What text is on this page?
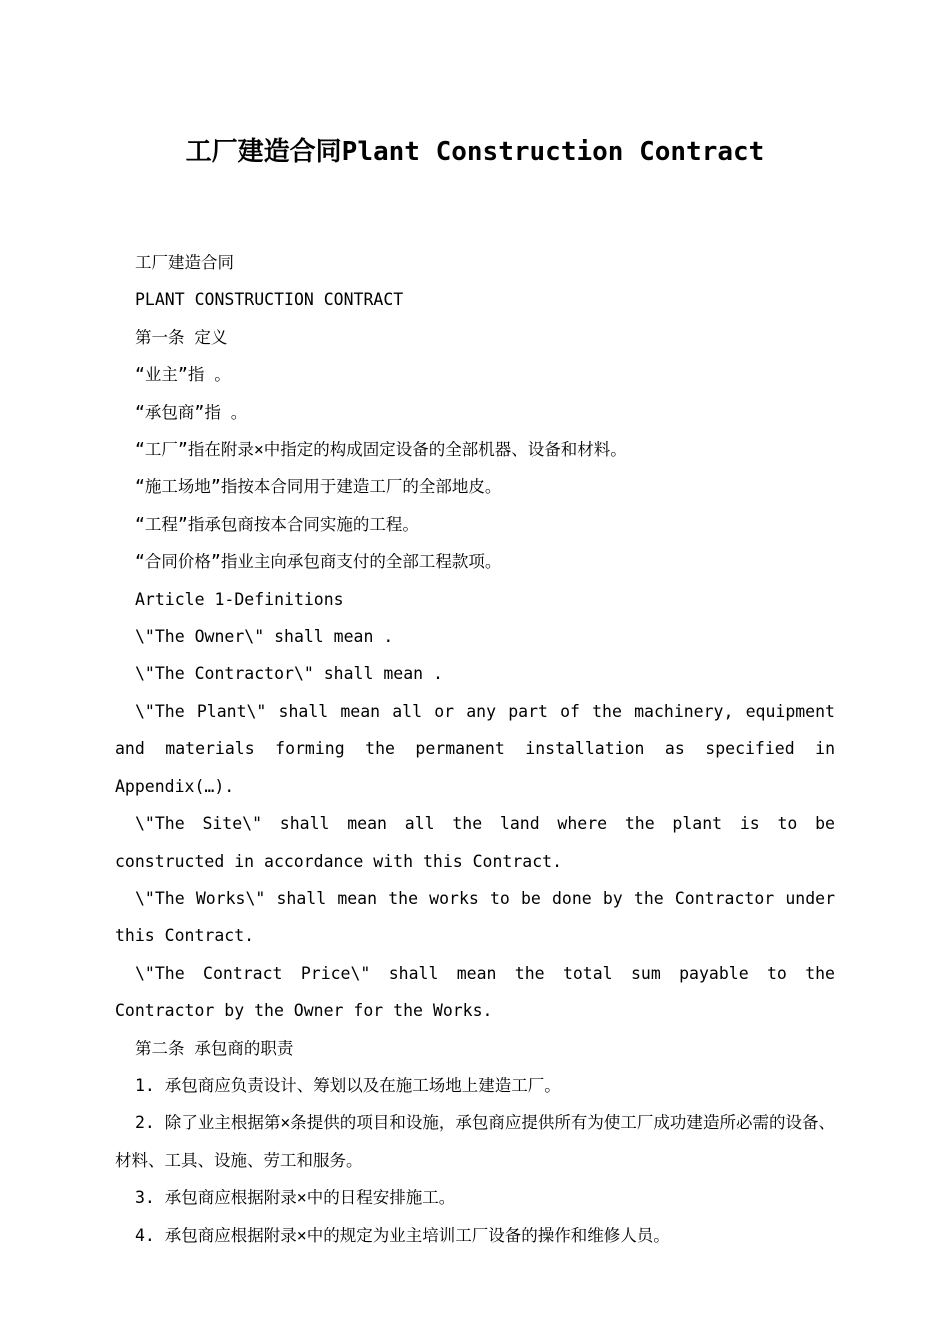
工厂建造合同Plant Construction Contract

工厂建造合同

PLANT CONSTRUCTION CONTRACT

第一条 定义

“业主”指 。

“承包商”指 。

“工厂”指在附录×中指定的构成固定设备的全部机器、设备和材料。

“施工场地”指按本合同用于建造工厂的全部地皮。

“工程”指承包商按本合同实施的工程。

“合同价格”指业主向承包商支付的全部工程款项。

Article 1-Definitions

\"The Owner\" shall mean .

\"The Contractor\" shall mean .

\"The Plant\" shall mean all or any part of the machinery, equipment and materials forming the permanent installation as specified in Appendix(…).

\"The Site\" shall mean all the land where the plant is to be constructed in accordance with this Contract.

\"The Works\" shall mean the works to be done by the Contractor under this Contract.

\"The Contract Price\" shall mean the total sum payable to the Contractor by the Owner for the Works.

第二条 承包商的职责

1. 承包商应负责设计、筹划以及在施工场地上建造工厂。

2. 除了业主根据第×条提供的项目和设施，承包商应提供所有为使工厂成功建造所必需的设备、材料、工具、设施、劳工和服务。

3. 承包商应根据附录×中的日程安排施工。

4. 承包商应根据附录×中的规定为业主培训工厂设备的操作和维修人员。
